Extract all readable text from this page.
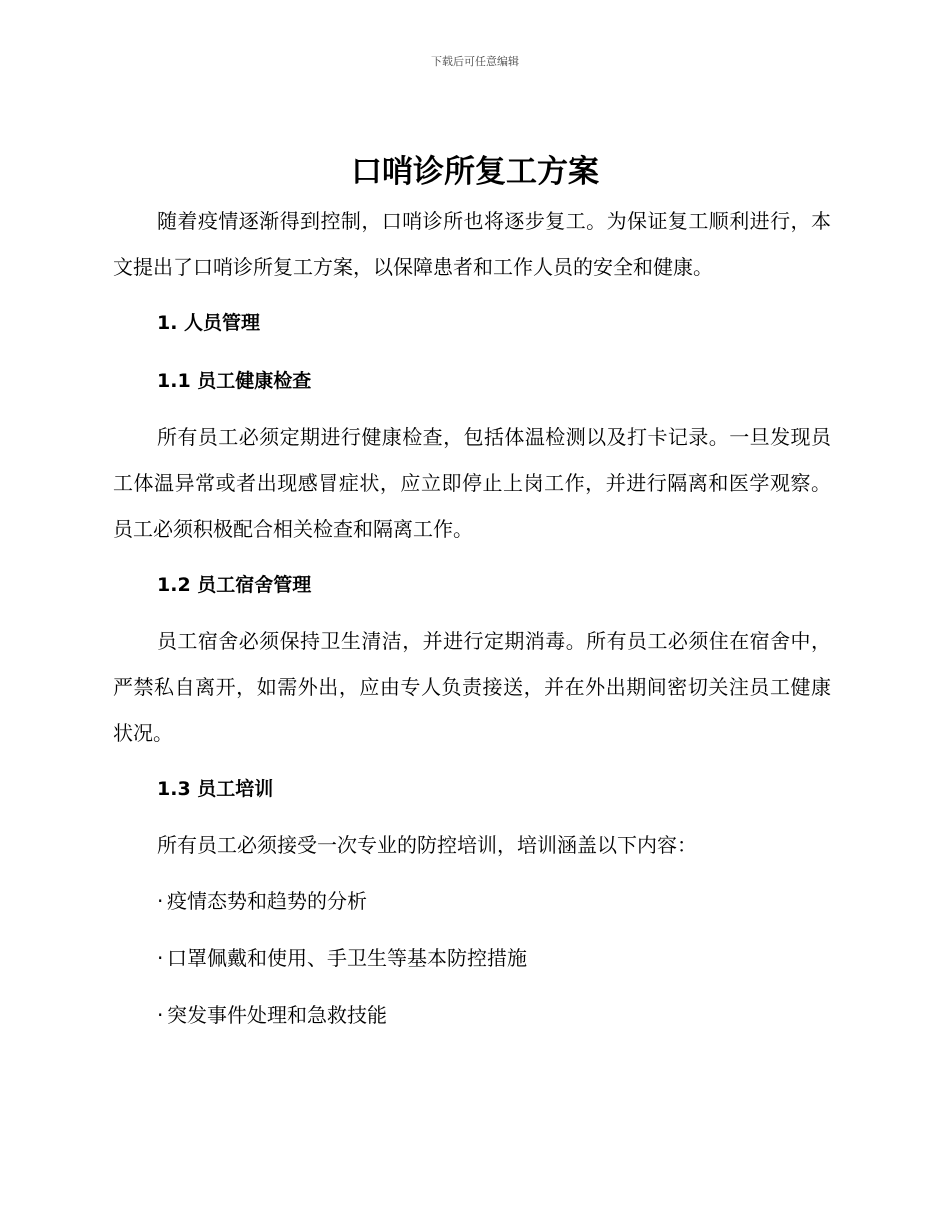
下载后可任意编辑
口哨诊所复工方案

随着疫情逐渐得到控制，口哨诊所也将逐步复工。为保证复工顺利进行，本文提出了口哨诊所复工方案，以保障患者和工作人员的安全和健康。

1. 人员管理

1.1 员工健康检查

所有员工必须定期进行健康检查，包括体温检测以及打卡记录。一旦发现员工体温异常或者出现感冒症状，应立即停止上岗工作，并进行隔离和医学观察。员工必须积极配合相关检查和隔离工作。

1.2 员工宿舍管理

员工宿舍必须保持卫生清洁，并进行定期消毒。所有员工必须住在宿舍中，严禁私自离开，如需外出，应由专人负责接送，并在外出期间密切关注员工健康状况。

1.3 员工培训

所有员工必须接受一次专业的防控培训，培训涵盖以下内容：

· 疫情态势和趋势的分析

· 口罩佩戴和使用、手卫生等基本防控措施

· 突发事件处理和急救技能
